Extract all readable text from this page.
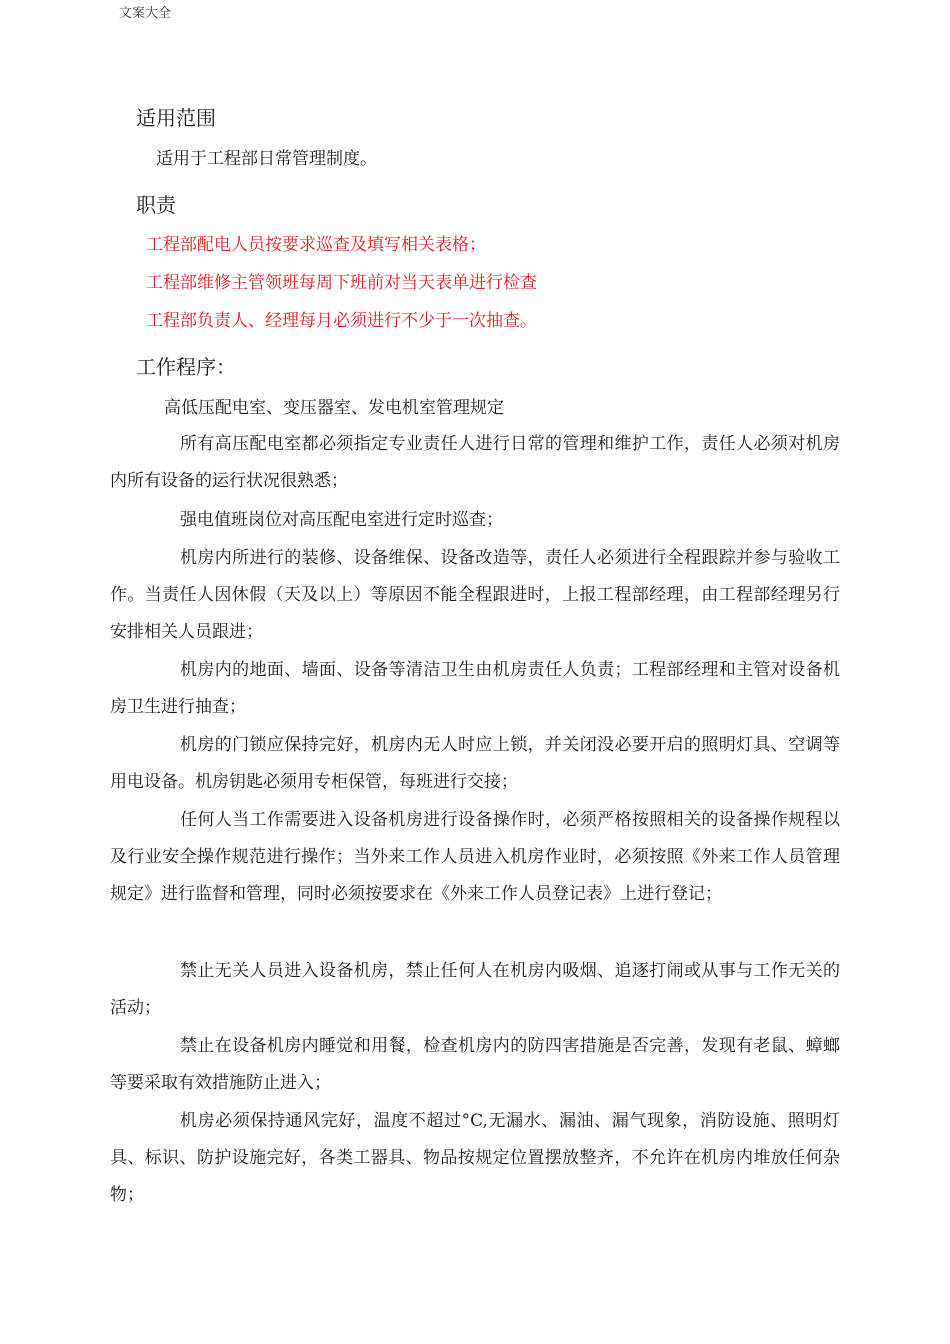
文案大全
适用范围
适用于工程部日常管理制度。
职责
工程部配电人员按要求巡查及填写相关表格；
工程部维修主管领班每周下班前对当天表单进行检查
工程部负责人、经理每月必须进行不少于一次抽查。
工作程序：
高低压配电室、变压器室、发电机室管理规定

所有高压配电室都必须指定专业责任人进行日常的管理和维护工作，责任人必须对机房内所有设备的运行状况很熟悉；

强电值班岗位对高压配电室进行定时巡查；

机房内所进行的装修、设备维保、设备改造等，责任人必须进行全程跟踪并参与验收工作。当责任人因休假（天及以上）等原因不能全程跟进时，上报工程部经理，由工程部经理另行安排相关人员跟进；

机房内的地面、墙面、设备等清洁卫生由机房责任人负责；工程部经理和主管对设备机房卫生进行抽查；

机房的门锁应保持完好，机房内无人时应上锁，并关闭没必要开启的照明灯具、空调等用电设备。机房钥匙必须用专柜保管，每班进行交接；

任何人当工作需要进入设备机房进行设备操作时，必须严格按照相关的设备操作规程以及行业安全操作规范进行操作；当外来工作人员进入机房作业时，必须按照《外来工作人员管理规定》进行监督和管理，同时必须按要求在《外来工作人员登记表》上进行登记；

禁止无关人员进入设备机房，禁止任何人在机房内吸烟、追逐打闹或从事与工作无关的活动；

禁止在设备机房内睡觉和用餐，检查机房内的防四害措施是否完善，发现有老鼠、蟑螂等要采取有效措施防止进入；

机房必须保持通风完好，温度不超过°C,无漏水、漏油、漏气现象，消防设施、照明灯具、标识、防护设施完好，各类工器具、物品按规定位置摆放整齐，不允许在机房内堆放任何杂物；
